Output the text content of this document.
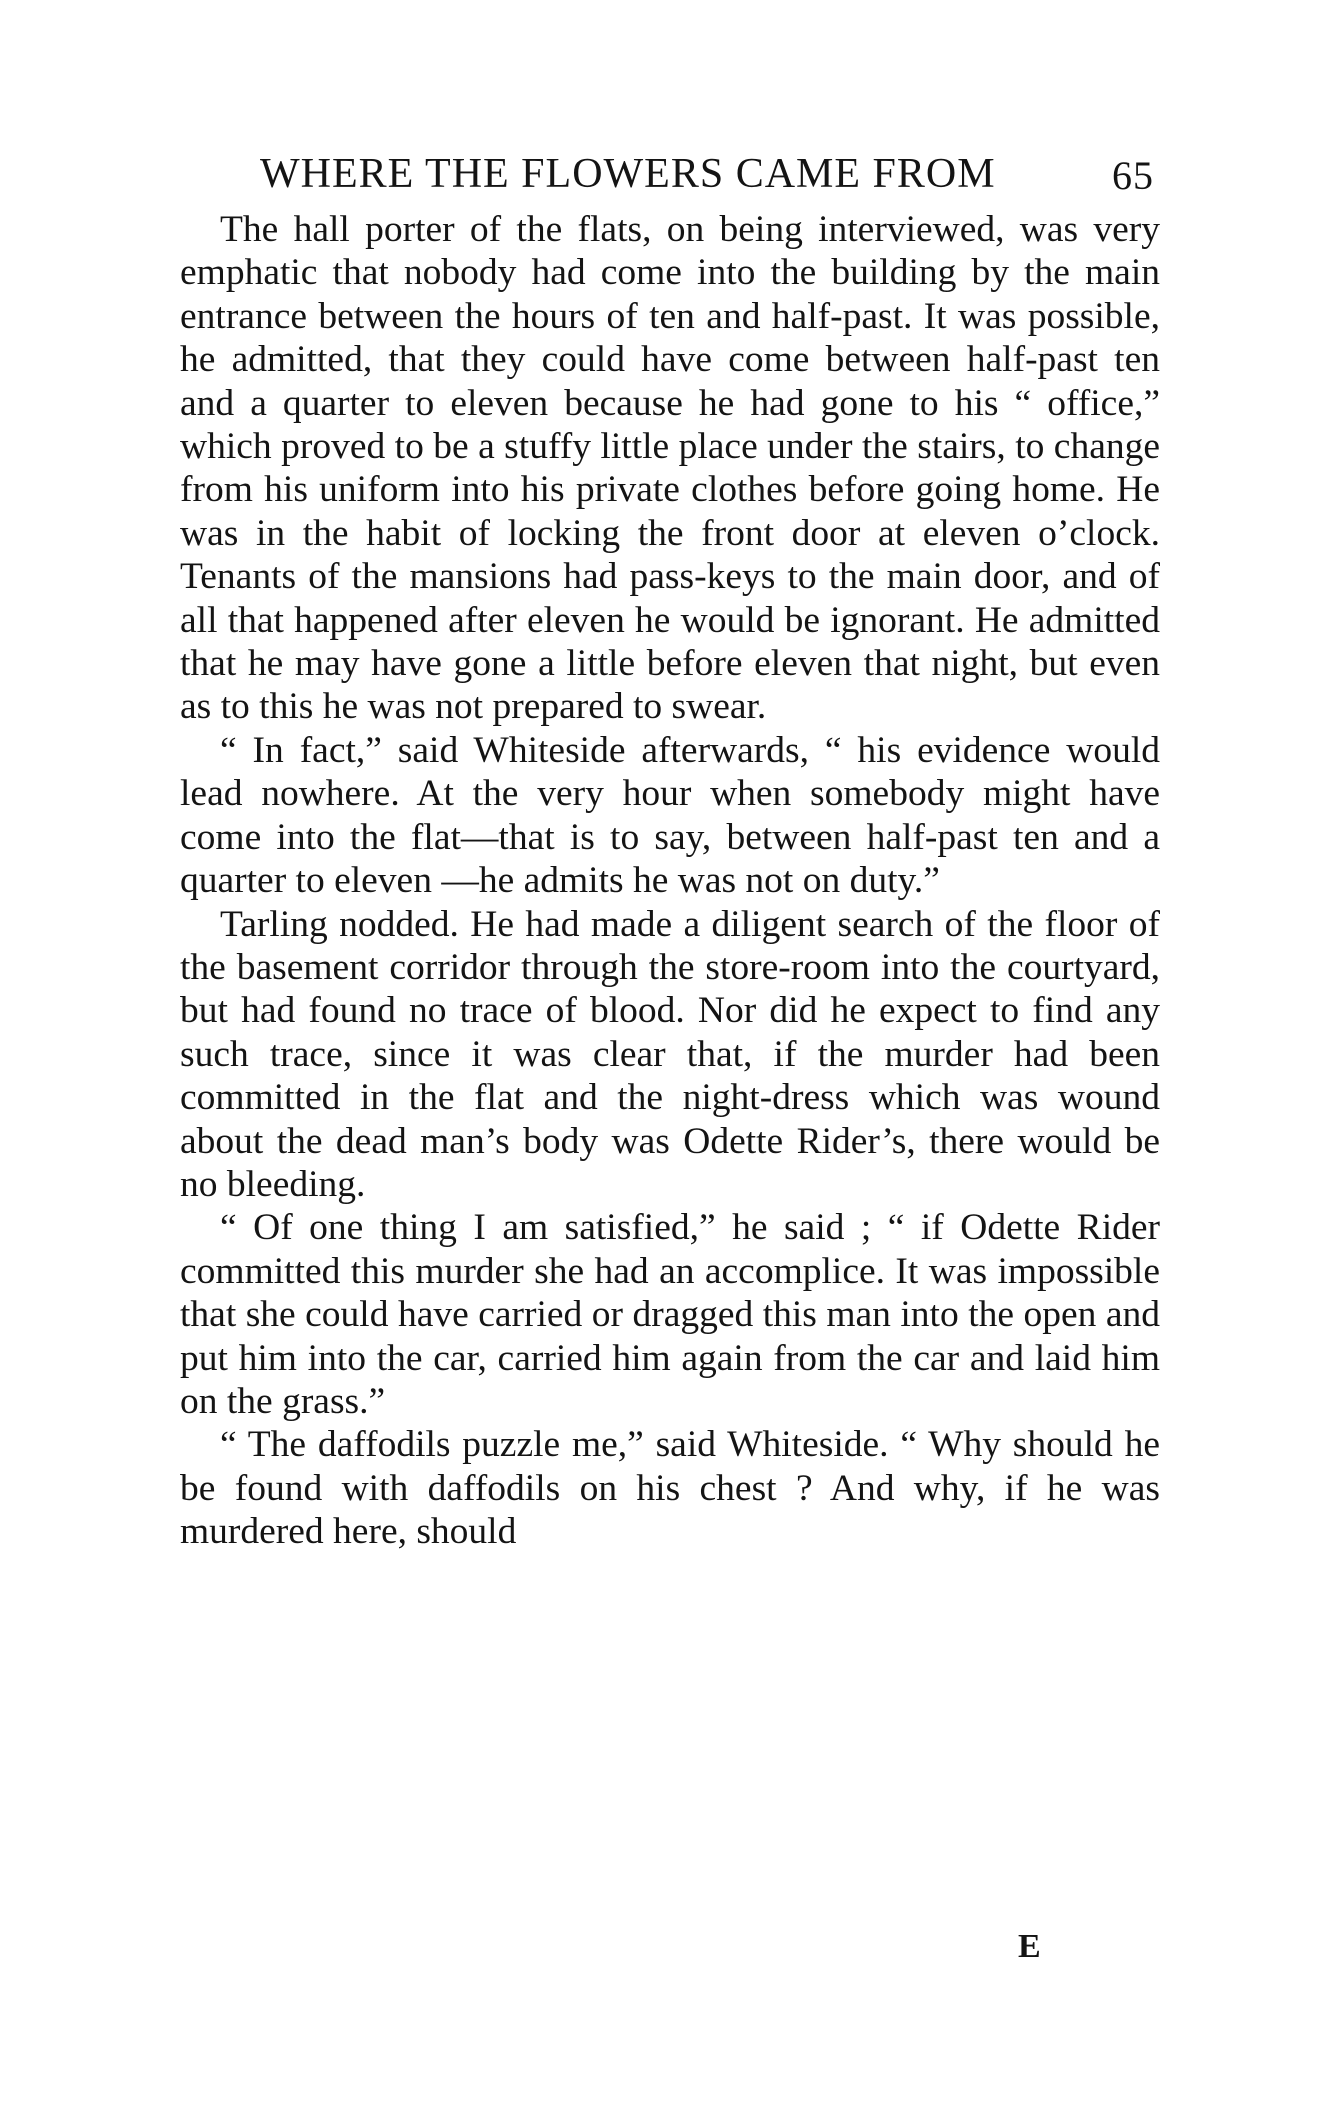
WHERE THE FLOWERS CAME FROM	65

The hall porter of the flats, on being interviewed, was very emphatic that nobody had come into the building by the main entrance between the hours of ten and half-past. It was possible, he admitted, that they could have come between half-past ten and a quarter to eleven because he had gone to his “ office,” which proved to be a stuffy little place under the stairs, to change from his uniform into his private clothes before going home. He was in the habit of locking the front door at eleven o’clock. Tenants of the mansions had pass-keys to the main door, and of all that happened after eleven he would be ignorant. He admitted that he may have gone a little before eleven that night, but even as to this he was not prepared to swear.

“ In fact,” said Whiteside afterwards, “ his evidence would lead nowhere. At the very hour when somebody might have come into the flat—that is to say, between half-past ten and a quarter to eleven —he admits he was not on duty.”

Tarling nodded. He had made a diligent search of the floor of the basement corridor through the store-room into the courtyard, but had found no trace of blood. Nor did he expect to find any such trace, since it was clear that, if the murder had been committed in the flat and the night-dress which was wound about the dead man’s body was Odette Rider’s, there would be no bleeding.

“ Of one thing I am satisfied,” he said ; “ if Odette Rider committed this murder she had an accomplice. It was impossible that she could have carried or dragged this man into the open and put him into the car, carried him again from the car and laid him on the grass.”

“ The daffodils puzzle me,” said Whiteside. “ Why should he be found with daffodils on his chest ? And why, if he was murdered here, should

E
